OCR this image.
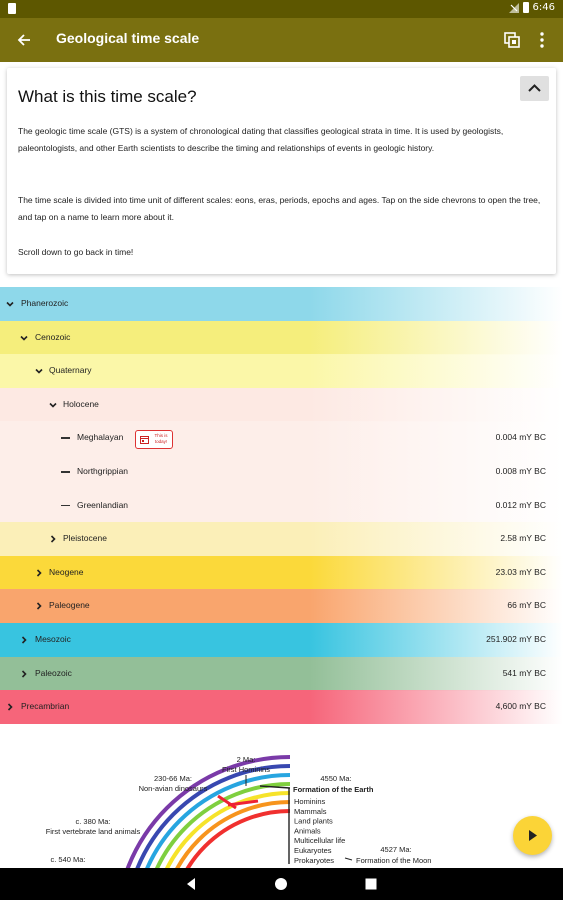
6:46
Geological time scale
What is this time scale?

The geologic time scale (GTS) is a system of chronological dating that classifies geological strata in time. It is used by geologists, paleontologists, and other Earth scientists to describe the timing and relationships of events in geologic history.

The time scale is divided into time unit of different scales: eons, eras, periods, epochs and ages. Tap on the side chevrons to open the tree, and tap on a name to learn more about it.

Scroll down to go back in time!

Phanerozoic
Cenozoic
Quaternary
Holocene
Meghalayan	This is today!	0.004 mY BC
Northgrippian	0.008 mY BC
Greenlandian	0.012 mY BC
Pleistocene	2.58 mY BC
Neogene	23.03 mY BC
Paleogene	66 mY BC
Mesozoic	251.902 mY BC
Paleozoic	541 mY BC
Precambrian	4,600 mY BC
2 Ma:
First Hominins
230-66 Ma:
Non-avian dinosaurs
4550 Ma:
Formation of the Earth
c. 380 Ma:
First vertebrate land animals
c. 540 Ma:
4527 Ma:
Formation of the Moon
Hominins
Mammals
Land plants
Animals
Multicellular life
Eukaryotes
Prokaryotes
